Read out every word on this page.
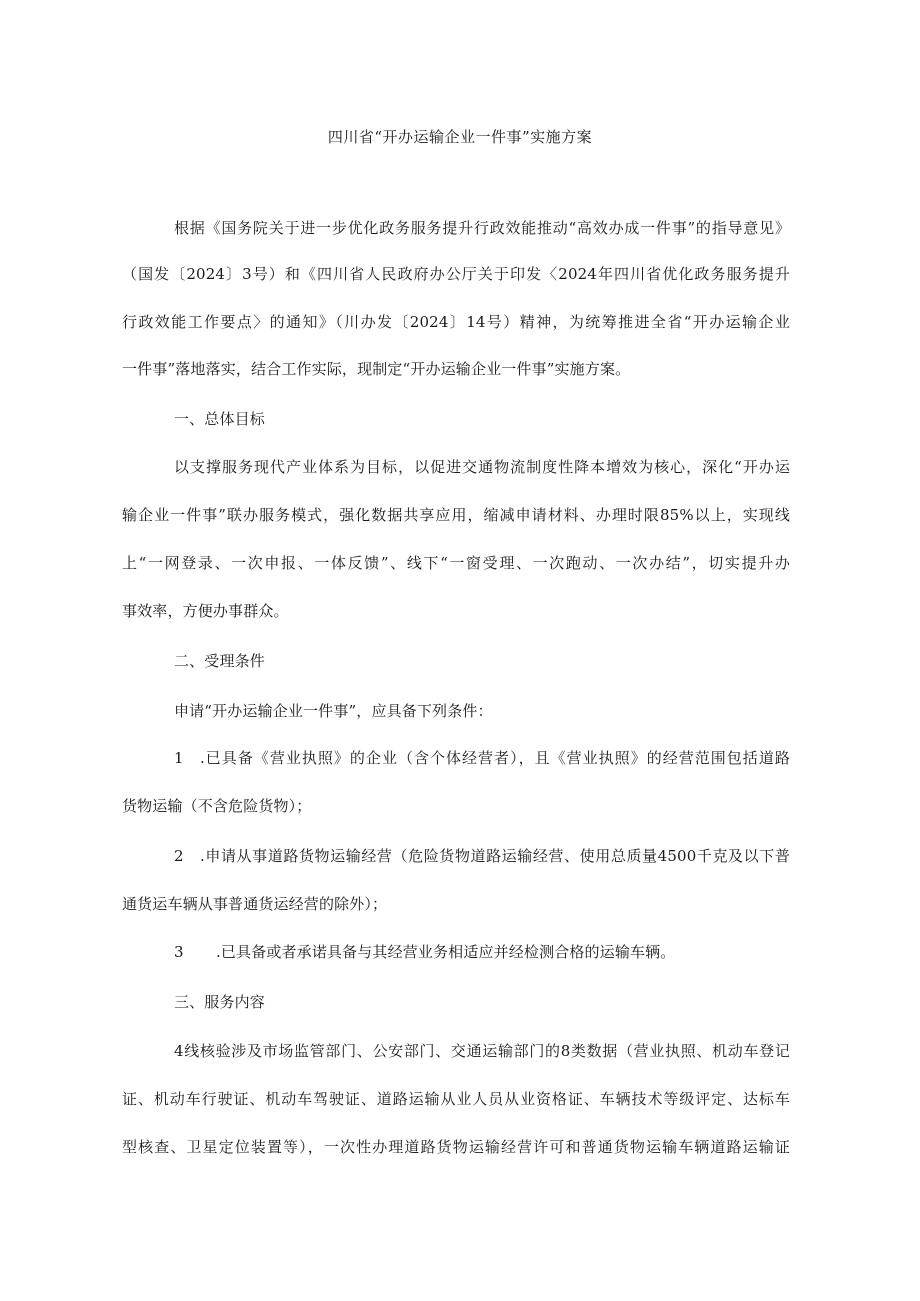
四川省“开办运输企业一件事”实施方案
根据《国务院关于进一步优化政务服务提升行政效能推动“高效办成一件事”的指导意见》
（国发〔2024〕3号）和《四川省人民政府办公厅关于印发〈2024年四川省优化政务服务提升
行政效能工作要点〉的通知》（川办发〔2024〕14号）精神，为统筹推进全省“开办运输企业
一件事”落地落实，结合工作实际，现制定“开办运输企业一件事”实施方案。
一、总体目标
以支撑服务现代产业体系为目标，以促进交通物流制度性降本增效为核心，深化“开办运
输企业一件事”联办服务模式，强化数据共享应用，缩减申请材料、办理时限85%以上，实现线
上“一网登录、一次申报、一体反馈”、线下“一窗受理、一次跑动、一次办结”，切实提升办
事效率，方便办事群众。
二、受理条件
申请“开办运输企业一件事”，应具备下列条件：
1 .已具备《营业执照》的企业（含个体经营者），且《营业执照》的经营范围包括道路
货物运输（不含危险货物）；
2 .申请从事道路货物运输经营（危险货物道路运输经营、使用总质量4500千克及以下普
通货运车辆从事普通货运经营的除外）；
3 .已具备或者承诺具备与其经营业务相适应并经检测合格的运输车辆。
三、服务内容
4线核验涉及市场监管部门、公安部门、交通运输部门的8类数据（营业执照、机动车登记
证、机动车行驶证、机动车驾驶证、道路运输从业人员从业资格证、车辆技术等级评定、达标车
型核查、卫星定位装置等），一次性办理道路货物运输经营许可和普通货物运输车辆道路运输证
